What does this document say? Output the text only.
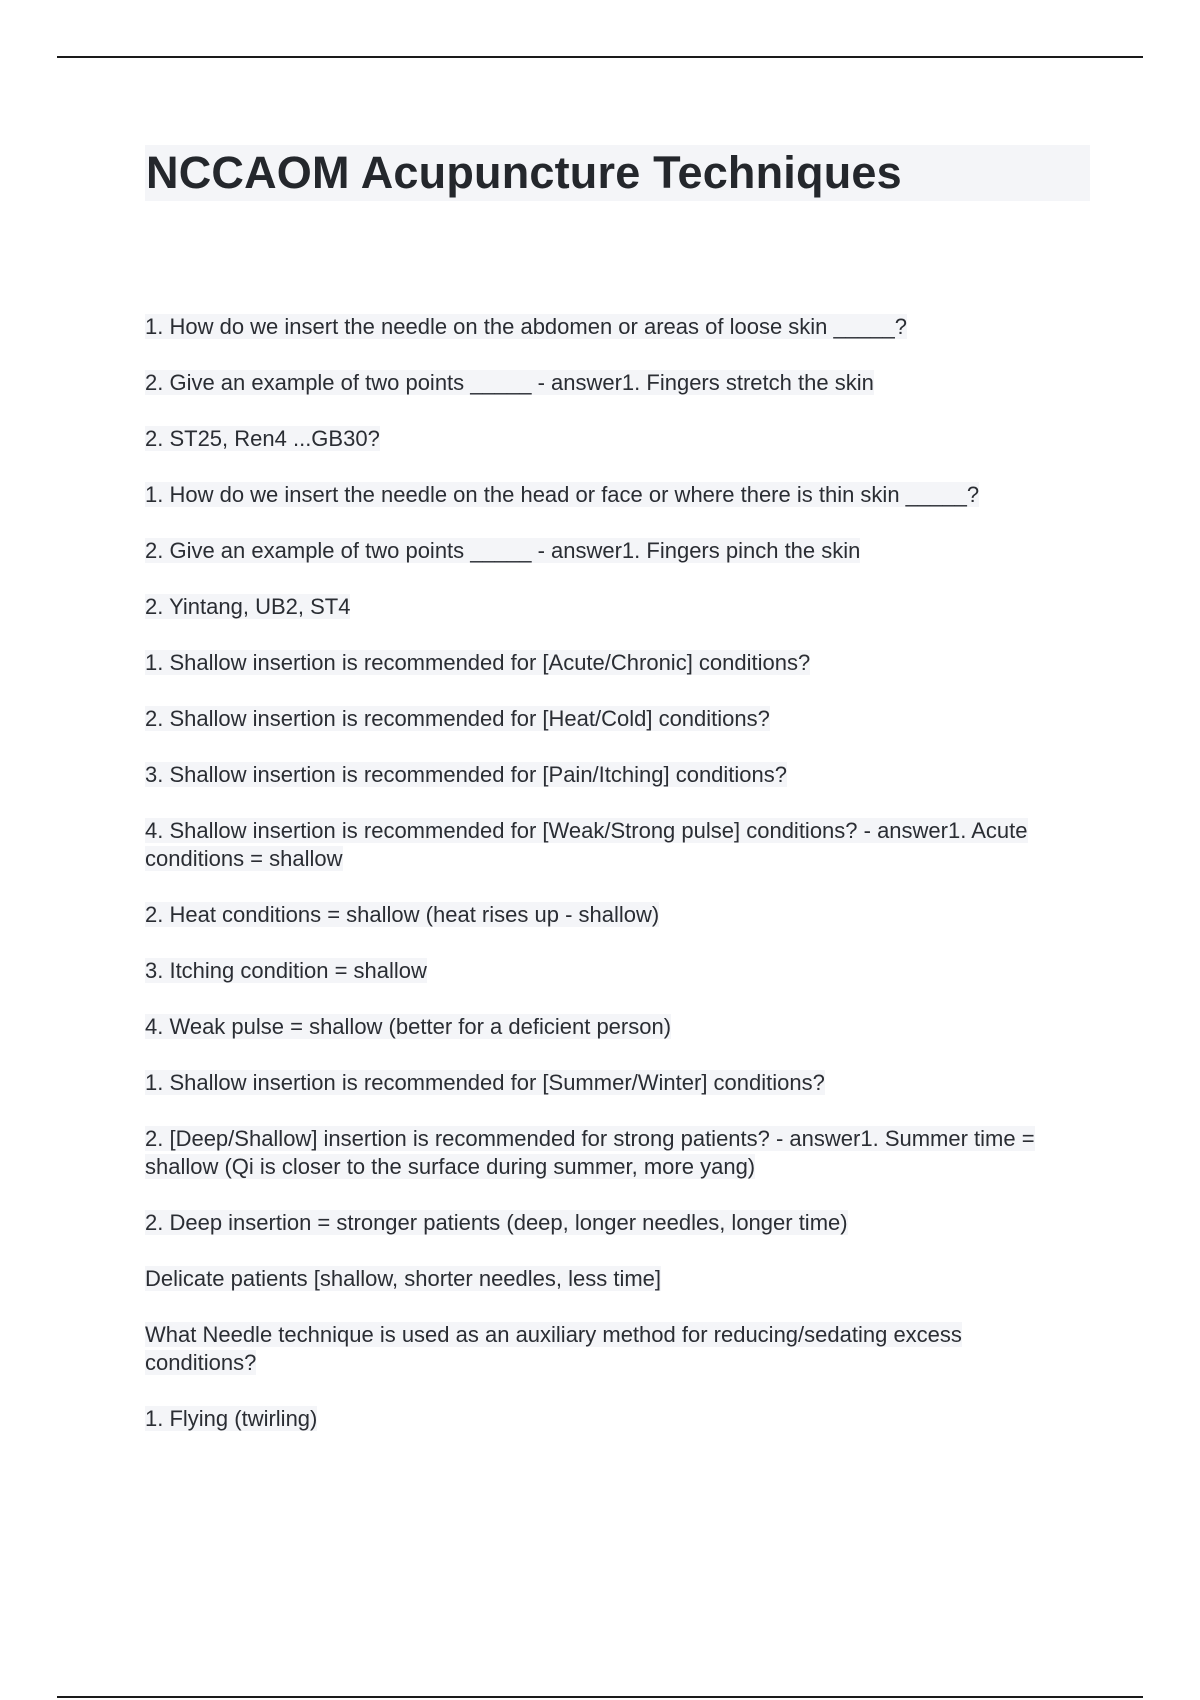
NCCAOM Acupuncture Techniques

1. How do we insert the needle on the abdomen or areas of loose skin _____?

2. Give an example of two points _____ - answer1. Fingers stretch the skin

2. ST25, Ren4 ...GB30?

1. How do we insert the needle on the head or face or where there is thin skin _____?

2. Give an example of two points _____ - answer1. Fingers pinch the skin

2. Yintang, UB2, ST4

1. Shallow insertion is recommended for [Acute/Chronic] conditions?

2. Shallow insertion is recommended for [Heat/Cold] conditions?

3. Shallow insertion is recommended for [Pain/Itching] conditions?

4. Shallow insertion is recommended for [Weak/Strong pulse] conditions? - answer1. Acute conditions = shallow

2. Heat conditions = shallow (heat rises up - shallow)

3. Itching condition = shallow

4. Weak pulse = shallow (better for a deficient person)

1. Shallow insertion is recommended for [Summer/Winter] conditions?

2. [Deep/Shallow] insertion is recommended for strong patients? - answer1. Summer time = shallow (Qi is closer to the surface during summer, more yang)

2. Deep insertion = stronger patients (deep, longer needles, longer time)

Delicate patients [shallow, shorter needles, less time]

What Needle technique is used as an auxiliary method for reducing/sedating excess conditions?

1. Flying (twirling)
